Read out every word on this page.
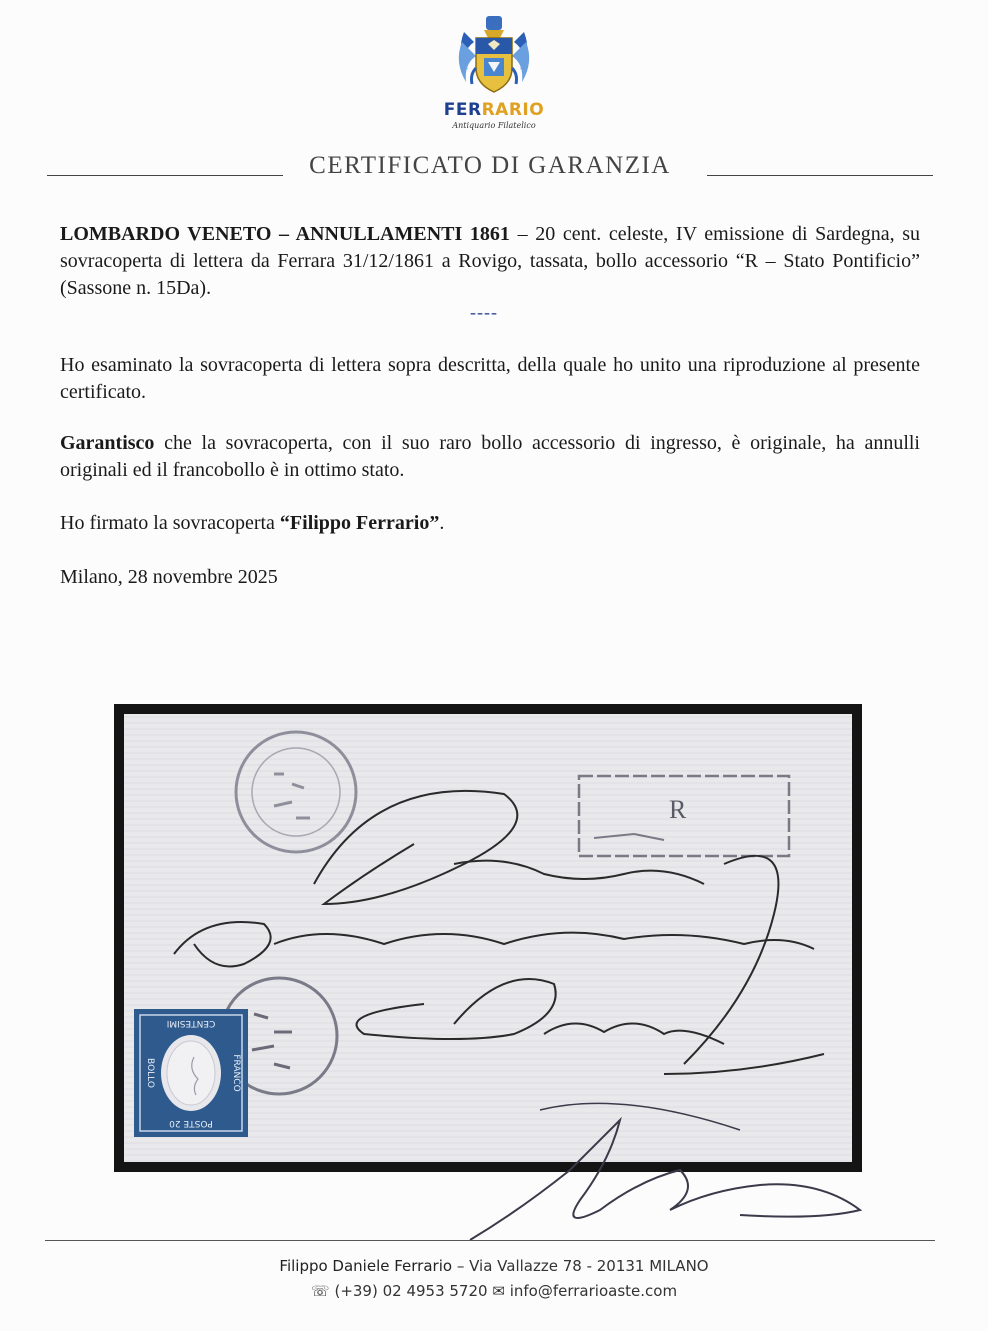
FERRARIO
Antiquario Filatelico
CERTIFICATO DI GARANZIA
LOMBARDO VENETO – ANNULLAMENTI 1861 – 20 cent. celeste, IV emissione di Sardegna, su sovracoperta di lettera da Ferrara 31/12/1861 a Rovigo, tassata, bollo accessorio “R – Stato Pontificio” (Sassone n. 15Da).
----
Ho esaminato la sovracoperta di lettera sopra descritta, della quale ho unito una riproduzione al presente certificato.
Garantisco che la sovracoperta, con il suo raro bollo accessorio di ingresso, è originale, ha annulli originali ed il francobollo è in ottimo stato.
Ho firmato la sovracoperta “Filippo Ferrario”.
Milano, 28 novembre 2025
R
CENTESIMI
POSTE 20
BOLLO	FRANCO
Filippo Daniele Ferrario – Via Vallazze 78 - 20131 MILANO
☏ (+39) 02 4953 5720 ✉ info@ferrarioaste.com
